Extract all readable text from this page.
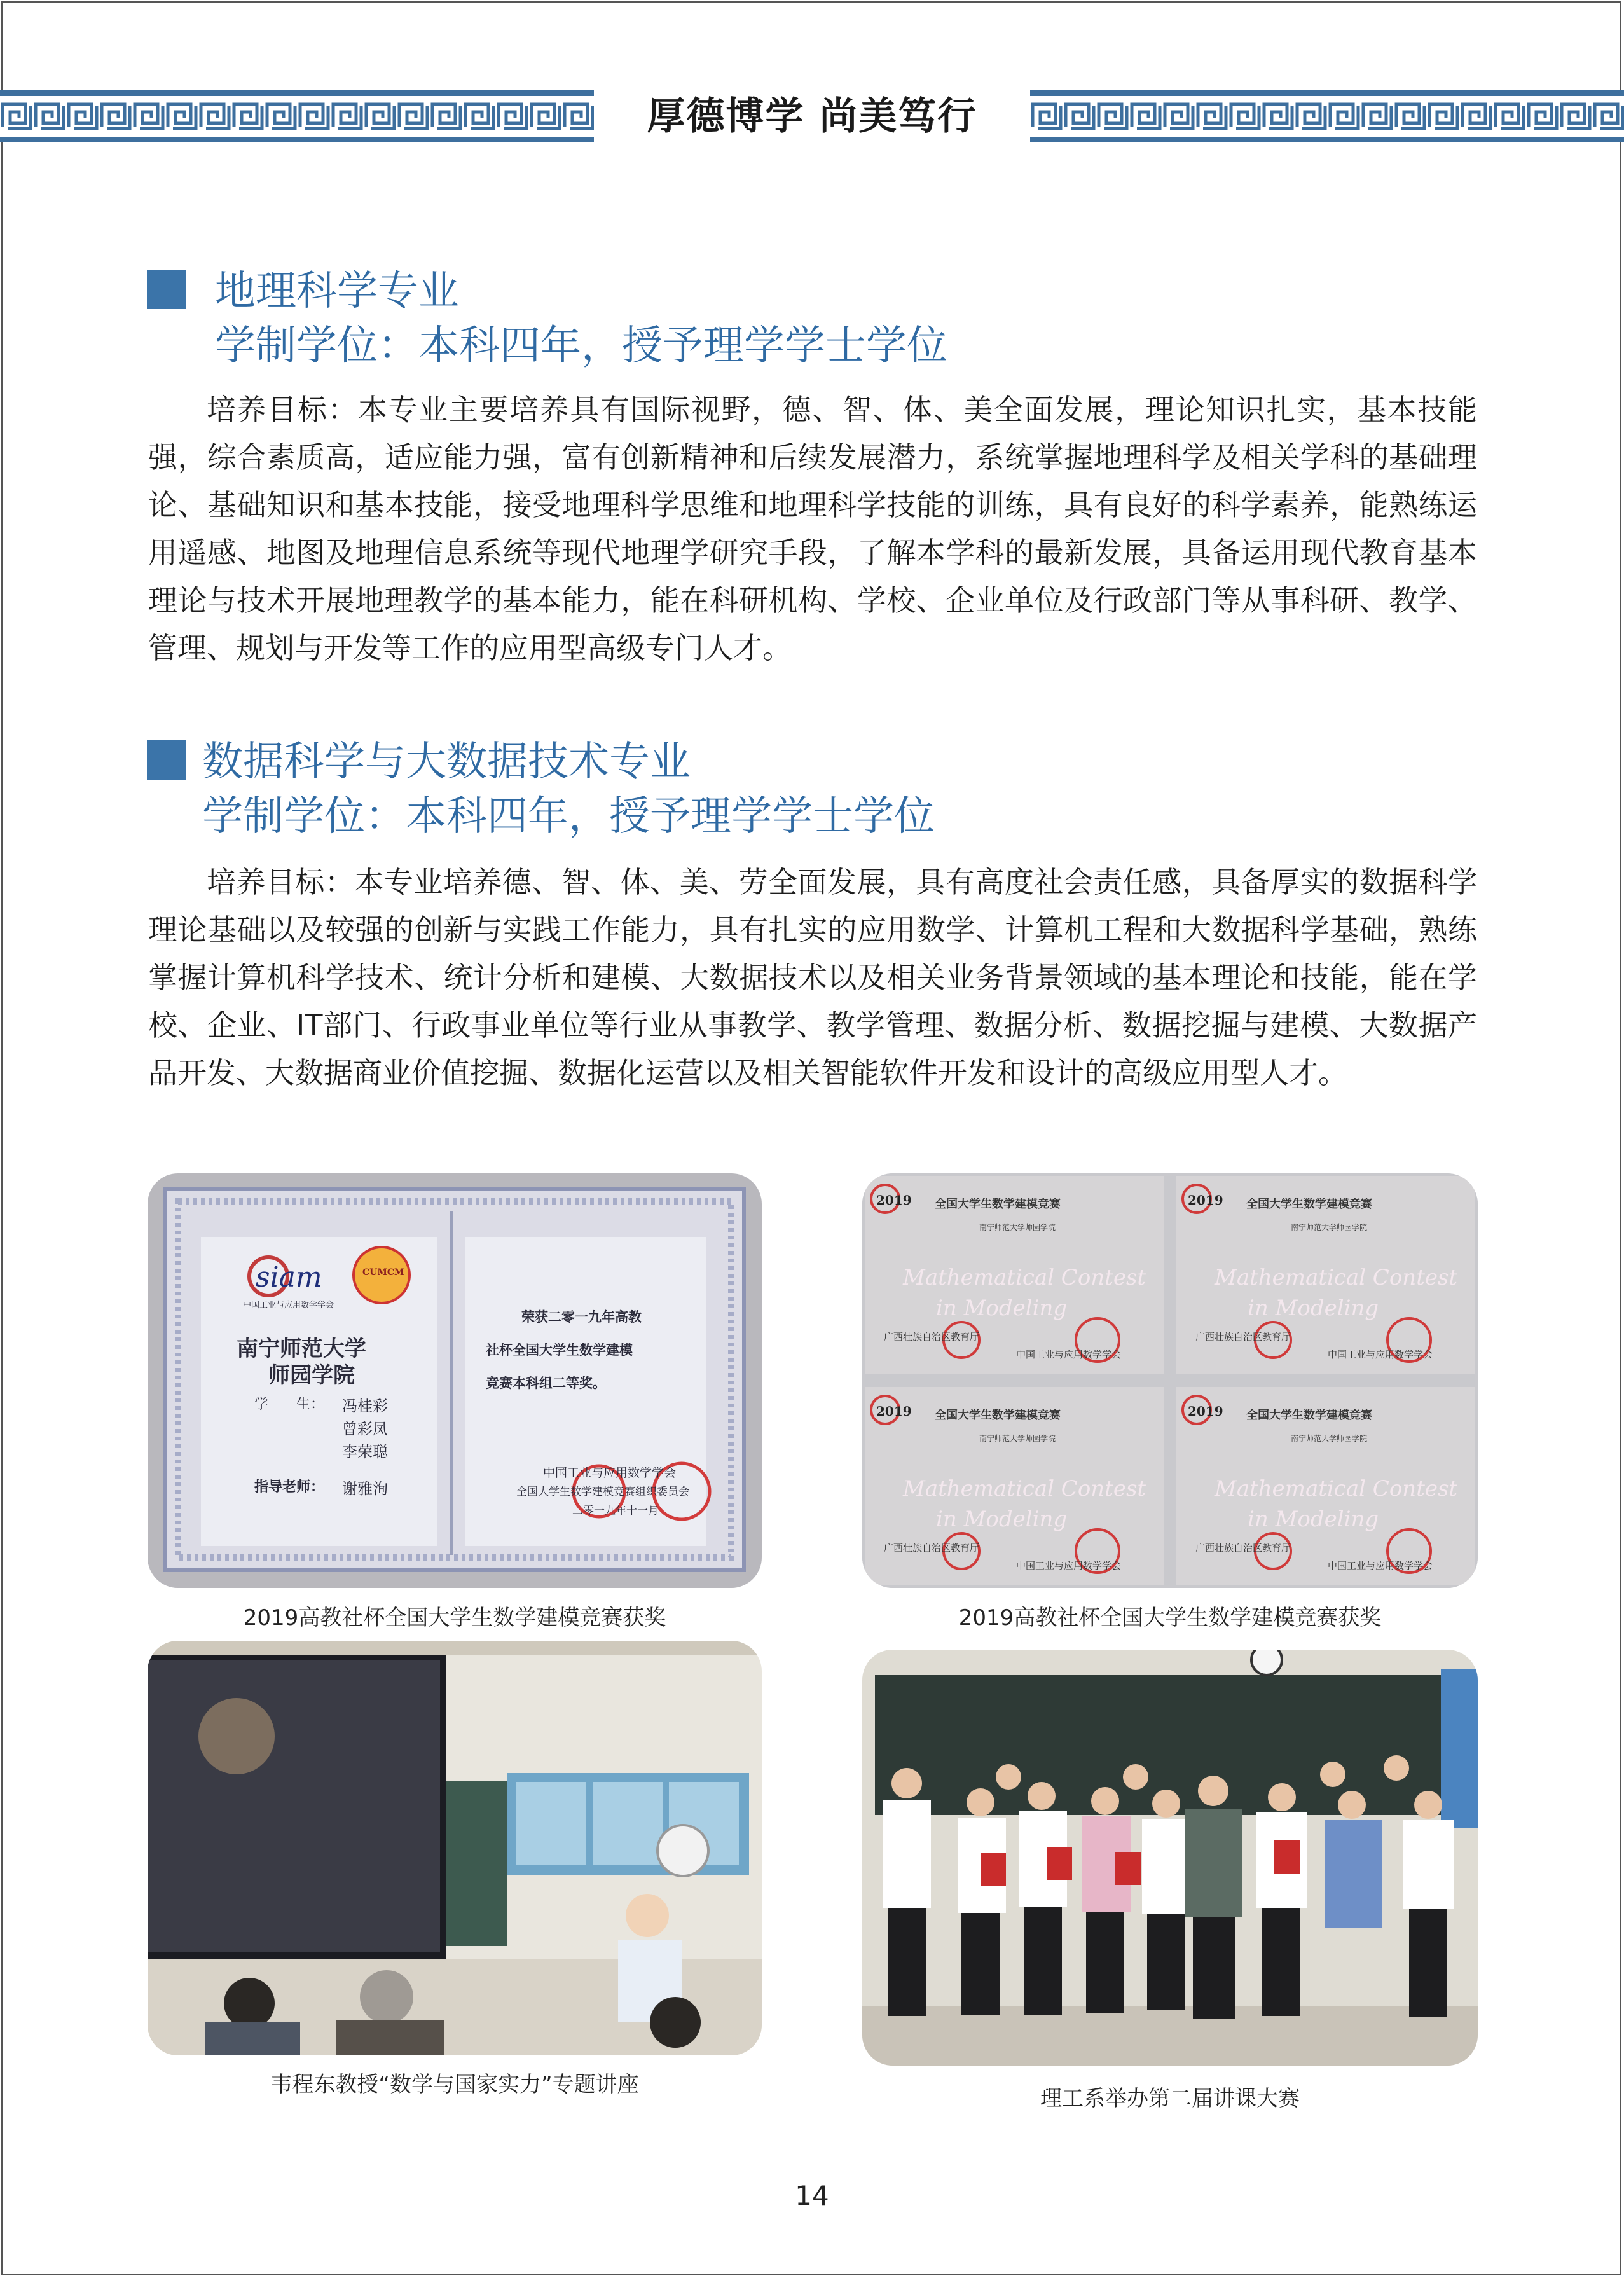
厚德博学 尚美笃行
地理科学专业
学制学位：本科四年，授予理学学士学位

培养目标：本专业主要培养具有国际视野，德、智、体、美全面发展，理论知识扎实，基本技能强，综合素质高，适应能力强，富有创新精神和后续发展潜力，系统掌握地理科学及相关学科的基础理论、基础知识和基本技能，接受地理科学思维和地理科学技能的训练，具有良好的科学素养，能熟练运用遥感、地图及地理信息系统等现代地理学研究手段，了解本学科的最新发展，具备运用现代教育基本理论与技术开展地理教学的基本能力，能在科研机构、学校、企业单位及行政部门等从事科研、教学、管理、规划与开发等工作的应用型高级专门人才。

数据科学与大数据技术专业
学制学位：本科四年，授予理学学士学位

培养目标：本专业培养德、智、体、美、劳全面发展，具有高度社会责任感，具备厚实的数据科学理论基础以及较强的创新与实践工作能力，具有扎实的应用数学、计算机工程和大数据科学基础，熟练掌握计算机科学技术、统计分析和建模、大数据技术以及相关业务背景领域的基本理论和技能，能在学校、企业、IT部门、行政事业单位等行业从事教学、教学管理、数据分析、数据挖掘与建模、大数据产品开发、大数据商业价值挖掘、数据化运营以及相关智能软件开发和设计的高级应用型人才。

siam
中国工业与应用数学学会
CUMCM
南宁师范大学
师园学院
学　　生： 冯桂彩
曾彩凤
李荣聪
指导老师： 谢雅洵
荣获二零一九年高教
社杯全国大学生数学建模
竞赛本科组二等奖。
中国工业与应用数学学会
全国大学生数学建模竞赛组织委员会
二零一九年十一月
2019高教社杯全国大学生数学建模竞赛获奖
2019 全国大学生数学建模竞赛
南宁师范大学师园学院
Mathematical Contest
in Modeling
广西壮族自治区教育厅
中国工业与应用数学学会
2019 全国大学生数学建模竞赛
南宁师范大学师园学院
Mathematical Contest
in Modeling
广西壮族自治区教育厅
中国工业与应用数学学会
2019 全国大学生数学建模竞赛
南宁师范大学师园学院
Mathematical Contest
in Modeling
广西壮族自治区教育厅
中国工业与应用数学学会
2019 全国大学生数学建模竞赛
南宁师范大学师园学院
Mathematical Contest
in Modeling
广西壮族自治区教育厅
中国工业与应用数学学会
2019高教社杯全国大学生数学建模竞赛获奖
韦程东教授“数学与国家实力”专题讲座
理工系举办第二届讲课大赛
14
